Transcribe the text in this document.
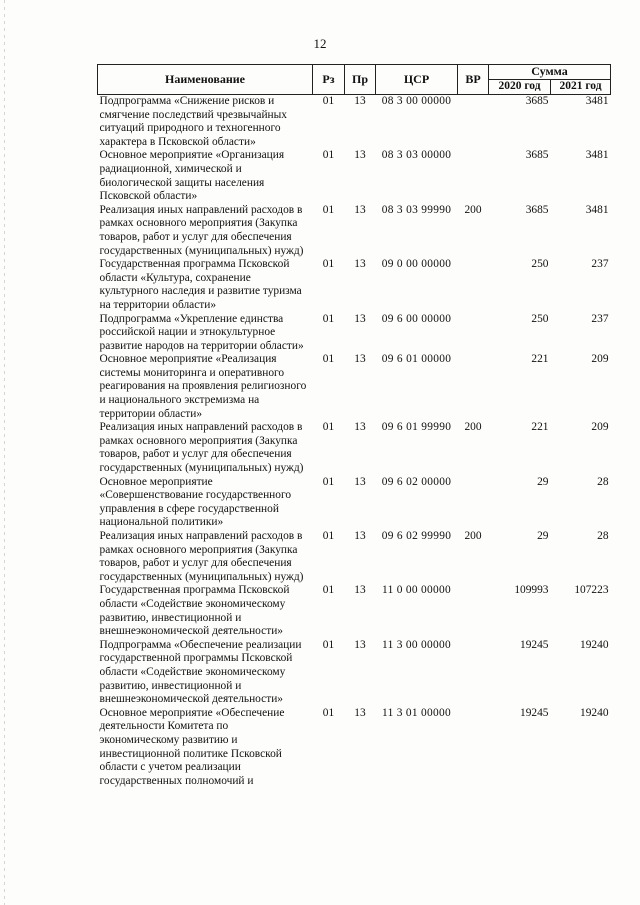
12
Наименование	Рз	Пр	ЦСР	ВР	Сумма	
					2020 год	2021 год
Подпрограмма «Снижение рисков и смягчение последствий чрезвычайных ситуаций природного и техногенного характера в Псковской области»	01	13	08 3 00 00000		3685	3481
Основное мероприятие «Организация радиационной, химической и биологической защиты населения Псковской области»	01	13	08 3 03 00000		3685	3481
Реализация иных направлений расходов в рамках основного мероприятия (Закупка товаров, работ и услуг для обеспечения государственных (муниципальных) нужд)	01	13	08 3 03 99990	200	3685	3481
Государственная программа Псковской области «Культура, сохранение культурного наследия и развитие туризма на территории области»	01	13	09 0 00 00000		250	237
Подпрограмма «Укрепление единства российской нации и этнокультурное развитие народов на территории области»	01	13	09 6 00 00000		250	237
Основное мероприятие «Реализация системы мониторинга и оперативного реагирования на проявления религиозного и национального экстремизма на территории области»	01	13	09 6 01 00000		221	209
Реализация иных направлений расходов в рамках основного мероприятия (Закупка товаров, работ и услуг для обеспечения государственных (муниципальных) нужд)	01	13	09 6 01 99990	200	221	209
Основное мероприятие «Совершенствование государственного управления в сфере государственной национальной политики»	01	13	09 6 02 00000		29	28
Реализация иных направлений расходов в рамках основного мероприятия (Закупка товаров, работ и услуг для обеспечения государственных (муниципальных) нужд)	01	13	09 6 02 99990	200	29	28
Государственная программа Псковской области «Содействие экономическому развитию, инвестиционной и внешнеэкономической деятельности»	01	13	11 0 00 00000		109993	107223
Подпрограмма «Обеспечение реализации государственной программы Псковской области «Содействие экономическому развитию, инвестиционной и внешнеэкономической деятельности»	01	13	11 3 00 00000		19245	19240
Основное мероприятие «Обеспечение деятельности Комитета по экономическому развитию и инвестиционной политике Псковской области с учетом реализации государственных полномочий и	01	13	11 3 01 00000		19245	19240
